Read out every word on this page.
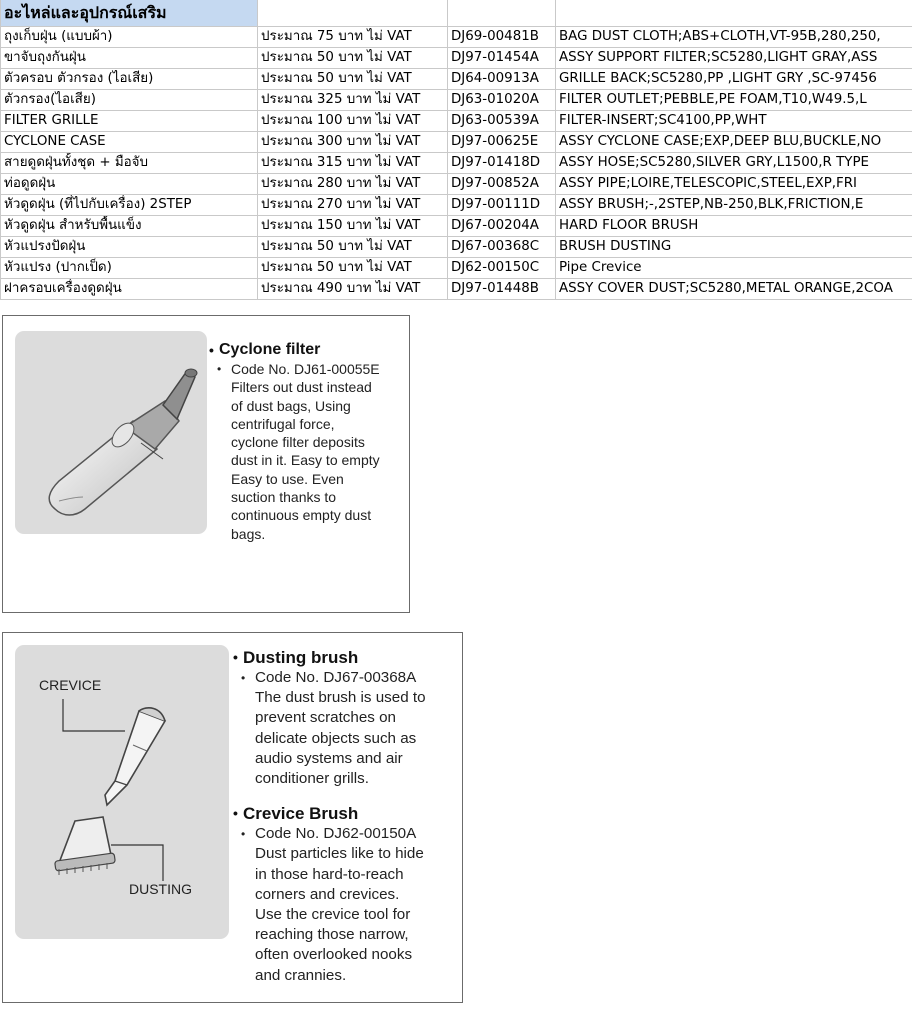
อะไหล่และอุปกรณ์เสริม			
ถุงเก็บฝุ่น (แบบผ้า)	ประมาณ 75 บาท ไม่ VAT	DJ69-00481B	BAG DUST CLOTH;ABS+CLOTH,VT-95B,280,250,
ขาจับถุงกันฝุ่น	ประมาณ 50 บาท ไม่ VAT	DJ97-01454A	ASSY SUPPORT FILTER;SC5280,LIGHT GRAY,ASS
ตัวครอบ ตัวกรอง (ไอเสีย)	ประมาณ 50 บาท ไม่ VAT	DJ64-00913A	GRILLE BACK;SC5280,PP ,LIGHT GRY ,SC-97456
ตัวกรอง(ไอเสีย)	ประมาณ 325 บาท ไม่ VAT	DJ63-01020A	FILTER OUTLET;PEBBLE,PE FOAM,T10,W49.5,L
FILTER GRILLE	ประมาณ 100 บาท ไม่ VAT	DJ63-00539A	FILTER-INSERT;SC4100,PP,WHT
CYCLONE CASE	ประมาณ 300 บาท ไม่ VAT	DJ97-00625E	ASSY CYCLONE CASE;EXP,DEEP BLU,BUCKLE,NO
สายดูดฝุ่นทั้งชุด + มือจับ	ประมาณ 315 บาท ไม่ VAT	DJ97-01418D	ASSY HOSE;SC5280,SILVER GRY,L1500,R TYPE
ท่อดูดฝุ่น	ประมาณ 280 บาท ไม่ VAT	DJ97-00852A	ASSY PIPE;LOIRE,TELESCOPIC,STEEL,EXP,FRI
หัวดูดฝุ่น (ที่ไปกับเครื่อง) 2STEP	ประมาณ 270 บาท ไม่ VAT	DJ97-00111D	ASSY BRUSH;-,2STEP,NB-250,BLK,FRICTION,E
หัวดูดฝุ่น สำหรับพื้นแข็ง	ประมาณ 150 บาท ไม่ VAT	DJ67-00204A	HARD FLOOR BRUSH
หัวแปรงปัดฝุ่น	ประมาณ 50 บาท ไม่ VAT	DJ67-00368C	BRUSH DUSTING
หัวแปรง (ปากเป็ด)	ประมาณ 50 บาท ไม่ VAT	DJ62-00150C	Pipe Crevice
ฝาครอบเครื่องดูดฝุ่น	ประมาณ 490 บาท ไม่ VAT	DJ97-01448B	ASSY COVER DUST;SC5280,METAL ORANGE,2COA
• Cyclone filter
• Code No. DJ61-00055E
Filters out dust instead
of dust bags, Using
centrifugal force,
cyclone filter deposits
dust in it. Easy to empty
Easy to use. Even
suction thanks to
continuous empty dust
bags.
CREVICE
DUSTING
• Dusting brush
• Code No. DJ67-00368A
The dust brush is used to
prevent scratches on
delicate objects such as
audio systems and air
conditioner grills.
• Crevice Brush
• Code No. DJ62-00150A
Dust particles like to hide
in those hard-to-reach
corners and crevices.
Use the crevice tool for
reaching those narrow,
often overlooked nooks
and crannies.
